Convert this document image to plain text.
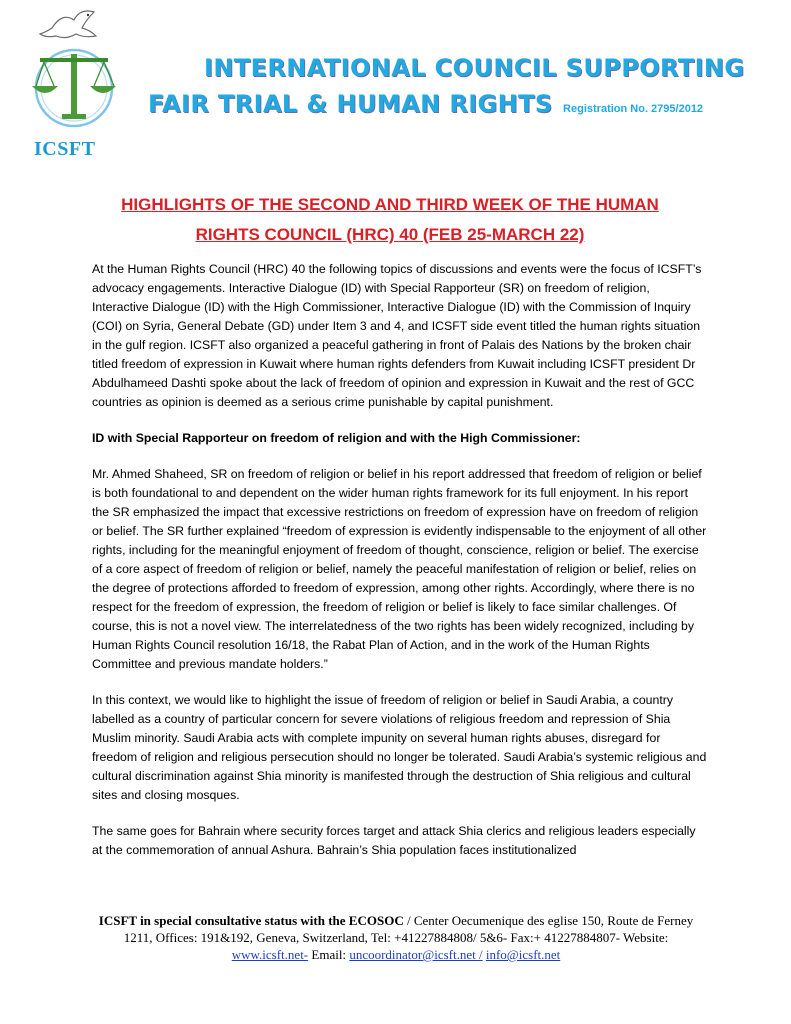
ICSFT
INTERNATIONAL COUNCIL SUPPORTING
FAIR TRIAL & HUMAN RIGHTS Registration No. 2795/2012
HIGHLIGHTS OF THE SECOND AND THIRD WEEK OF THE HUMAN
RIGHTS COUNCIL (HRC) 40 (FEB 25-MARCH 22)

At the Human Rights Council (HRC) 40 the following topics of discussions and events were the focus of ICSFT’s advocacy engagements. Interactive Dialogue (ID) with Special Rapporteur (SR) on freedom of religion, Interactive Dialogue (ID) with the High Commissioner, Interactive Dialogue (ID) with the Commission of Inquiry (COI) on Syria, General Debate (GD) under Item 3 and 4, and ICSFT side event titled the human rights situation in the gulf region. ICSFT also organized a peaceful gathering in front of Palais des Nations by the broken chair titled freedom of expression in Kuwait where human rights defenders from Kuwait including ICSFT president Dr Abdulhameed Dashti spoke about the lack of freedom of opinion and expression in Kuwait and the rest of GCC countries as opinion is deemed as a serious crime punishable by capital punishment.

ID with Special Rapporteur on freedom of religion and with the High Commissioner:

Mr. Ahmed Shaheed, SR on freedom of religion or belief in his report addressed that freedom of religion or belief is both foundational to and dependent on the wider human rights framework for its full enjoyment. In his report the SR emphasized the impact that excessive restrictions on freedom of expression have on freedom of religion or belief. The SR further explained “freedom of expression is evidently indispensable to the enjoyment of all other rights, including for the meaningful enjoyment of freedom of thought, conscience, religion or belief. The exercise of a core aspect of freedom of religion or belief, namely the peaceful manifestation of religion or belief, relies on the degree of protections afforded to freedom of expression, among other rights. Accordingly, where there is no respect for the freedom of expression, the freedom of religion or belief is likely to face similar challenges. Of course, this is not a novel view. The interrelatedness of the two rights has been widely recognized, including by Human Rights Council resolution 16/18, the Rabat Plan of Action, and in the work of the Human Rights Committee and previous mandate holders.”

In this context, we would like to highlight the issue of freedom of religion or belief in Saudi Arabia, a country labelled as a country of particular concern for severe violations of religious freedom and repression of Shia Muslim minority. Saudi Arabia acts with complete impunity on several human rights abuses, disregard for freedom of religion and religious persecution should no longer be tolerated. Saudi Arabia’s systemic religious and cultural discrimination against Shia minority is manifested through the destruction of Shia religious and cultural sites and closing mosques.

The same goes for Bahrain where security forces target and attack Shia clerics and religious leaders especially at the commemoration of annual Ashura. Bahrain’s Shia population faces institutionalized

ICSFT in special consultative status with the ECOSOC / Center Oecumenique des eglise 150, Route de Ferney 1211, Offices: 191&192, Geneva, Switzerland, Tel: +41227884808/ 5&6- Fax:+ 41227884807- Website: www.icsft.net- Email: uncoordinator@icsft.net / info@icsft.net
